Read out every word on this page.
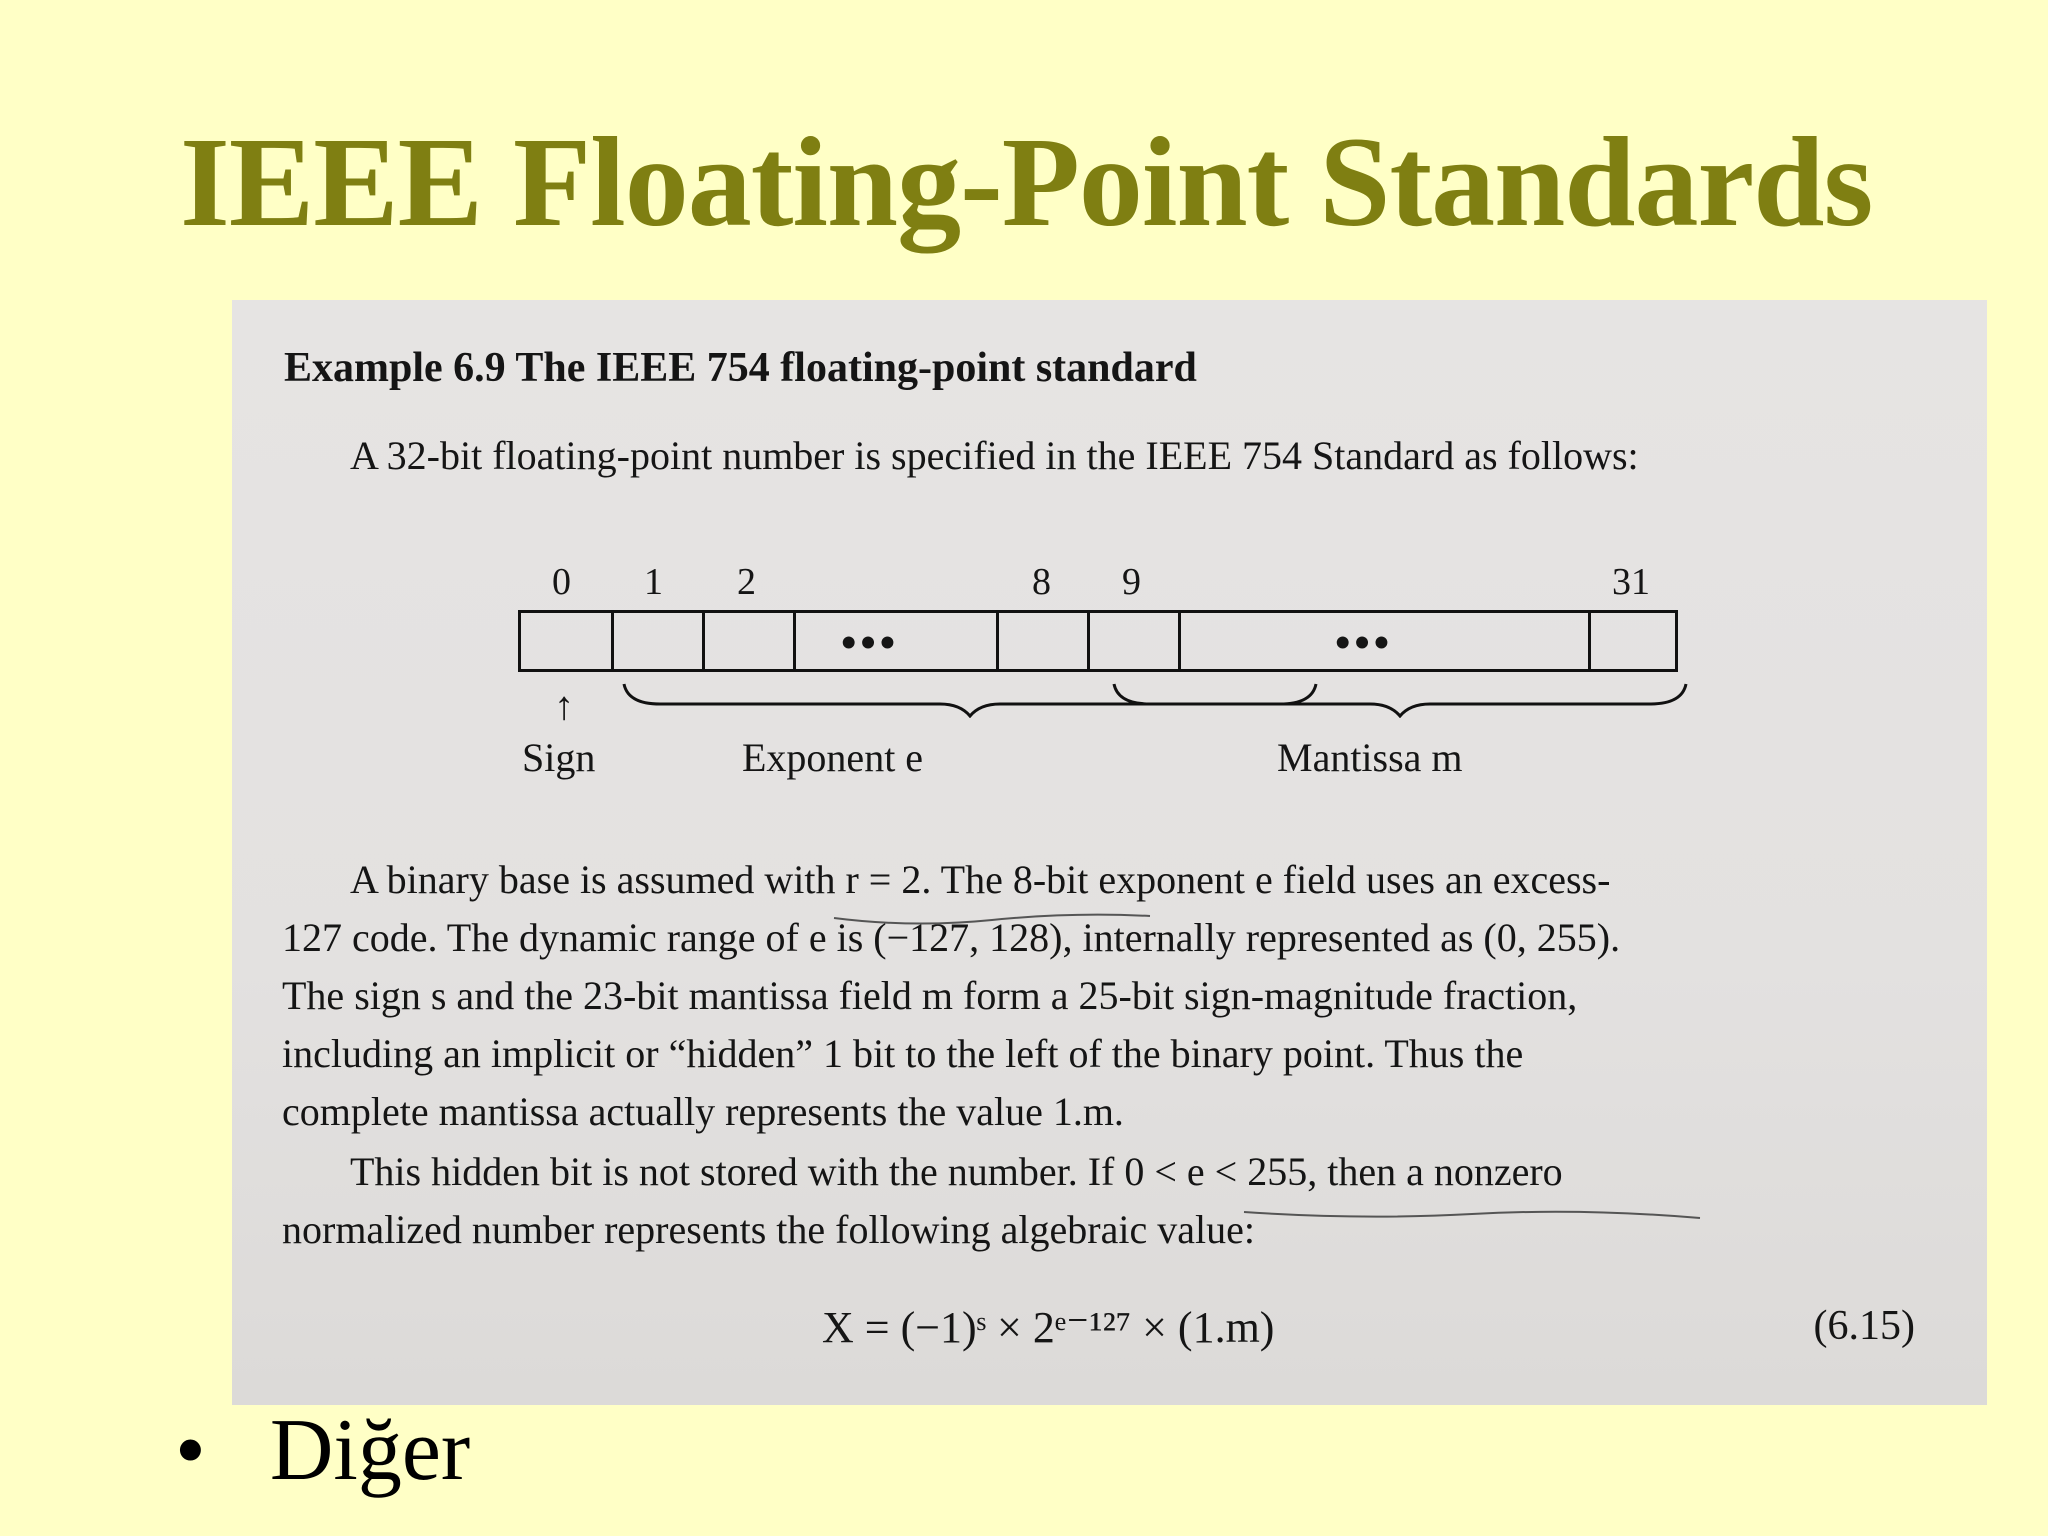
IEEE Floating-Point Standards

Example 6.9 The IEEE 754 floating-point standard
A 32-bit floating-point number is specified in the IEEE 754 Standard as follows:
0 1 2	8 9	31
•••	•••
↑
Sign	Exponent e	Mantissa m
A binary base is assumed with r = 2. The 8-bit exponent e field uses an excess-
127 code. The dynamic range of e is (−127, 128), internally represented as (0, 255).
The sign s and the 23-bit mantissa field m form a 25-bit sign-magnitude fraction,
including an implicit or “hidden” 1 bit to the left of the binary point. Thus the
complete mantissa actually represents the value 1.m.
This hidden bit is not stored with the number. If 0 < e < 255, then a nonzero
normalized number represents the following algebraic value:
X = (−1)ˢ × 2ᵉ⁻¹²⁷ × (1.m)	(6.15)
• Diğer
